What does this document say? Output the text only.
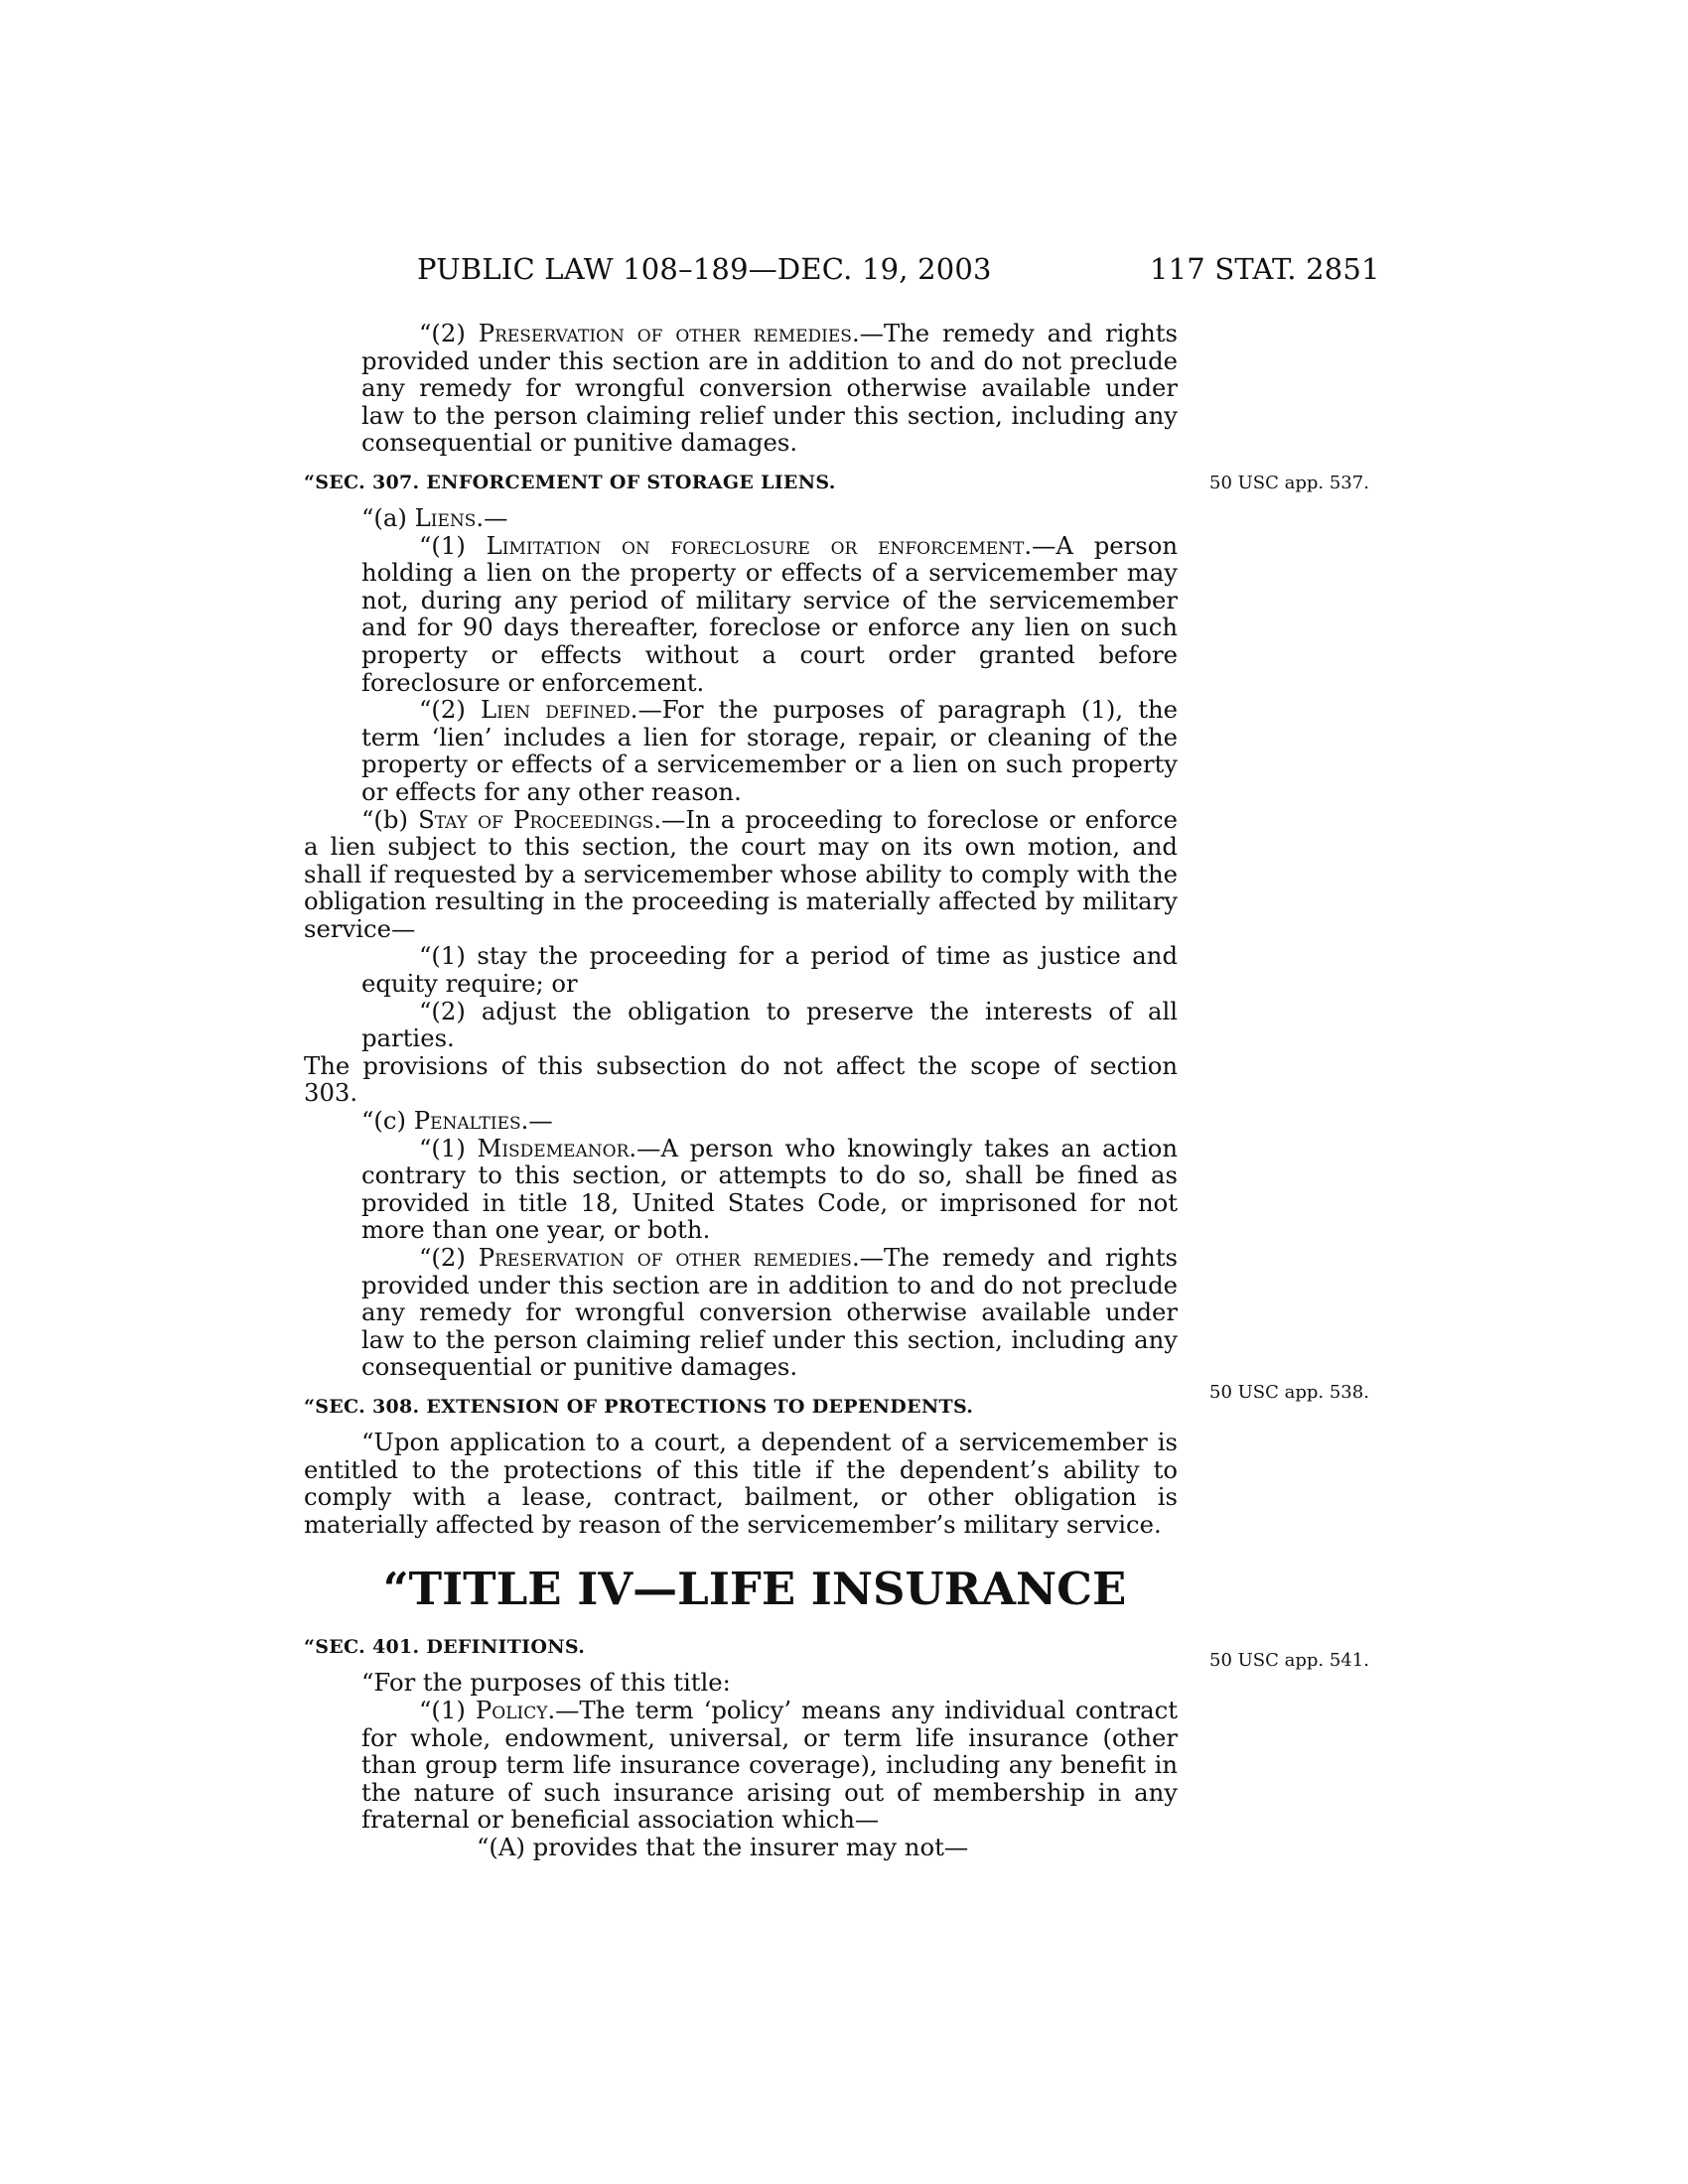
PUBLIC LAW 108–189—DEC. 19, 2003	117 STAT. 2851
50 USC app. 537.
50 USC app. 538.
50 USC app. 541.

“(2) Preservation of other remedies.—The remedy and rights provided under this section are in addition to and do not preclude any remedy for wrongful conversion otherwise available under law to the person claiming relief under this section, including any consequential or punitive damages.

“SEC. 307. ENFORCEMENT OF STORAGE LIENS.

“(a) Liens.—

“(1) Limitation on foreclosure or enforcement.—A person holding a lien on the property or effects of a servicemember may not, during any period of military service of the servicemember and for 90 days thereafter, foreclose or enforce any lien on such property or effects without a court order granted before foreclosure or enforcement.

“(2) Lien defined.—For the purposes of paragraph (1), the term ‘lien’ includes a lien for storage, repair, or cleaning of the property or effects of a servicemember or a lien on such property or effects for any other reason.

“(b) Stay of Proceedings.—In a proceeding to foreclose or enforce a lien subject to this section, the court may on its own motion, and shall if requested by a servicemember whose ability to comply with the obligation resulting in the proceeding is materially affected by military service—

“(1) stay the proceeding for a period of time as justice and equity require; or

“(2) adjust the obligation to preserve the interests of all parties.

The provisions of this subsection do not affect the scope of section 303.

“(c) Penalties.—

“(1) Misdemeanor.—A person who knowingly takes an action contrary to this section, or attempts to do so, shall be fined as provided in title 18, United States Code, or imprisoned for not more than one year, or both.

“(2) Preservation of other remedies.—The remedy and rights provided under this section are in addition to and do not preclude any remedy for wrongful conversion otherwise available under law to the person claiming relief under this section, including any consequential or punitive damages.

“SEC. 308. EXTENSION OF PROTECTIONS TO DEPENDENTS.

“Upon application to a court, a dependent of a servicemember is entitled to the protections of this title if the dependent’s ability to comply with a lease, contract, bailment, or other obligation is materially affected by reason of the servicemember’s military service.

“TITLE IV—LIFE INSURANCE
“SEC. 401. DEFINITIONS.

“For the purposes of this title:

“(1) Policy.—The term ‘policy’ means any individual contract for whole, endowment, universal, or term life insurance (other than group term life insurance coverage), including any benefit in the nature of such insurance arising out of membership in any fraternal or beneficial association which—

“(A) provides that the insurer may not—
